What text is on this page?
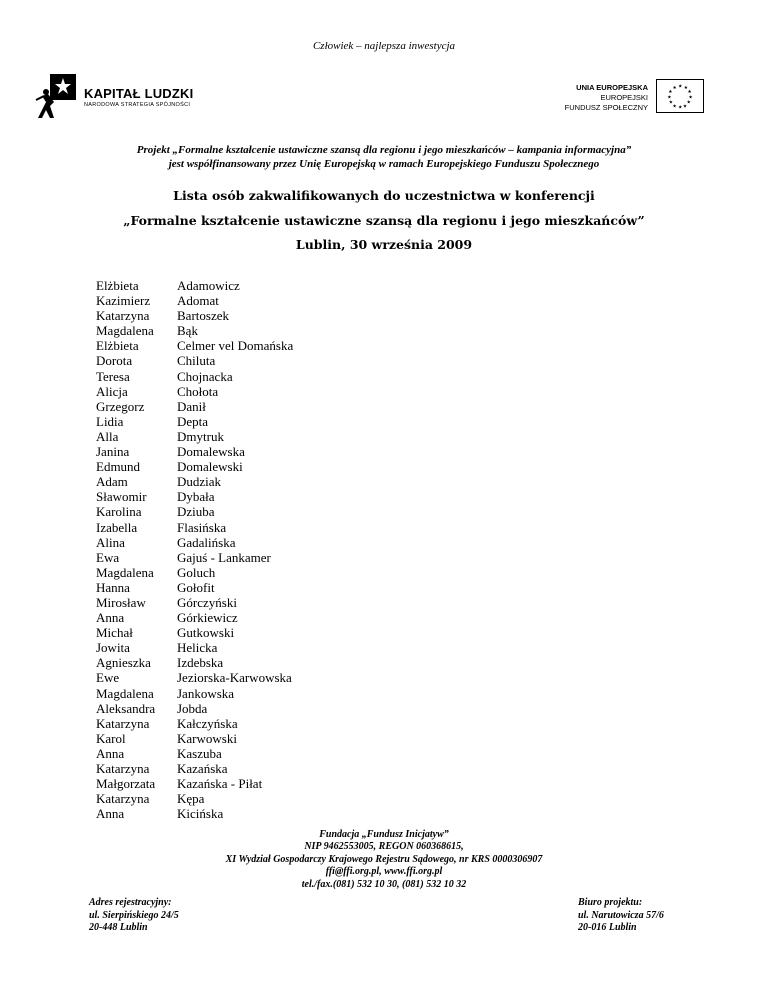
Człowiek – najlepsza inwestycja
KAPITAŁ LUDZKI
NARODOWA STRATEGIA SPÓJNOŚCI
UNIA EUROPEJSKA
EUROPEJSKI
FUNDUSZ SPOŁECZNY
★ ★
★
★
★
★
★
★
★
★
★
★
Projekt „Formalne kształcenie ustawiczne szansą dla regionu i jego mieszkańców – kampania informacyjna”
jest współfinansowany przez Unię Europejską w ramach Europejskiego Funduszu Społecznego
Lista osób zakwalifikowanych do uczestnictwa w konferencji
„Formalne kształcenie ustawiczne szansą dla regionu i jego mieszkańców”
Lublin, 30 września 2009
Elżbieta	Adamowicz
Kazimierz Adomat
Katarzyna Bartoszek
Magdalena Bąk
Elżbieta	Celmer vel Domańska
Dorota	Chiluta
Teresa	Chojnacka
Alicja	Chołota
Grzegorz	Danił
Lidia	Depta
Alla	Dmytruk
Janina	Domalewska
Edmund	Domalewski
Adam	Dudziak
Sławomir Dybała
Karolina	Dziuba
Izabella	Flasińska
Alina	Gadalińska
Ewa	Gajuś - Lankamer
Magdalena Goluch
Hanna	Gołofit
Mirosław Górczyński
Anna	Górkiewicz
Michał	Gutkowski
Jowita	Helicka
Agnieszka Izdebska
Ewe	Jeziorska-Karwowska
Magdalena Jankowska
Aleksandra Jobda
Katarzyna Kałczyńska
Karol	Karwowski
Anna	Kaszuba
Katarzyna Kazańska
Małgorzata Kazańska - Piłat
Katarzyna Kępa
Anna	Kicińska
Fundacja „Fundusz Inicjatyw”
NIP 9462553005, REGON 060368615,
XI Wydział Gospodarczy Krajowego Rejestru Sądowego, nr KRS 0000306907
ffi@ffi.org.pl, www.ffi.org.pl
tel./fax.(081) 532 10 30, (081) 532 10 32
Adres rejestracyjny:
ul. Sierpińskiego 24/5
20-448 Lublin
Biuro projektu:
ul. Narutowicza 57/6
20-016 Lublin
